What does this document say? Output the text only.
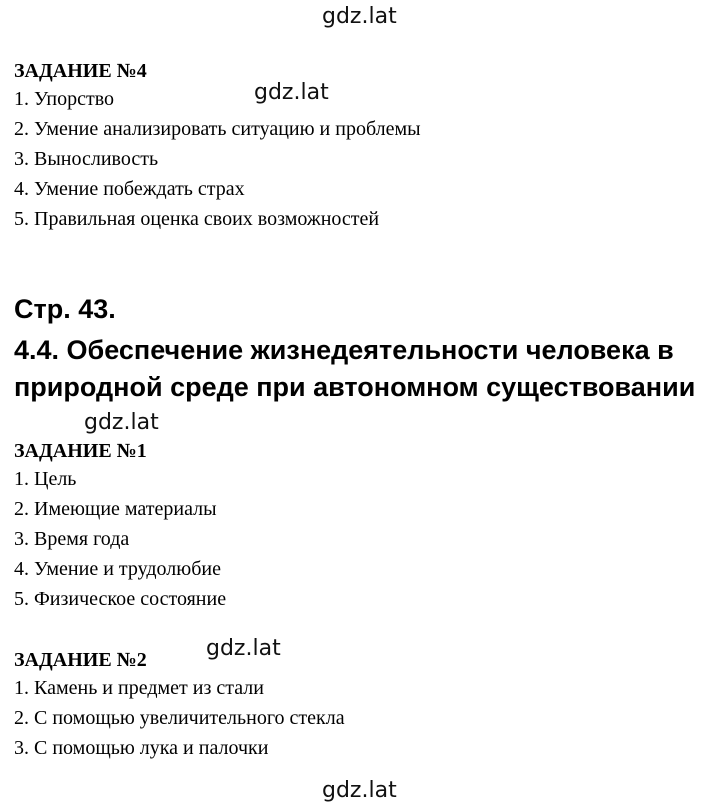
gdz.lat
gdz.lat
gdz.lat
gdz.lat
gdz.lat
ЗАДАНИЕ №4
1. Упорство
2. Умение анализировать ситуацию и проблемы
3. Выносливость
4. Умение побеждать страх
5. Правильная оценка своих возможностей
Стр. 43.
4.4. Обеспечение жизнедеятельности человека в
природной среде при автономном существовании
ЗАДАНИЕ №1
1. Цель
2. Имеющие материалы
3. Время года
4. Умение и трудолюбие
5. Физическое состояние
ЗАДАНИЕ №2
1. Камень и предмет из стали
2. С помощью увеличительного стекла
3. С помощью лука и палочки
